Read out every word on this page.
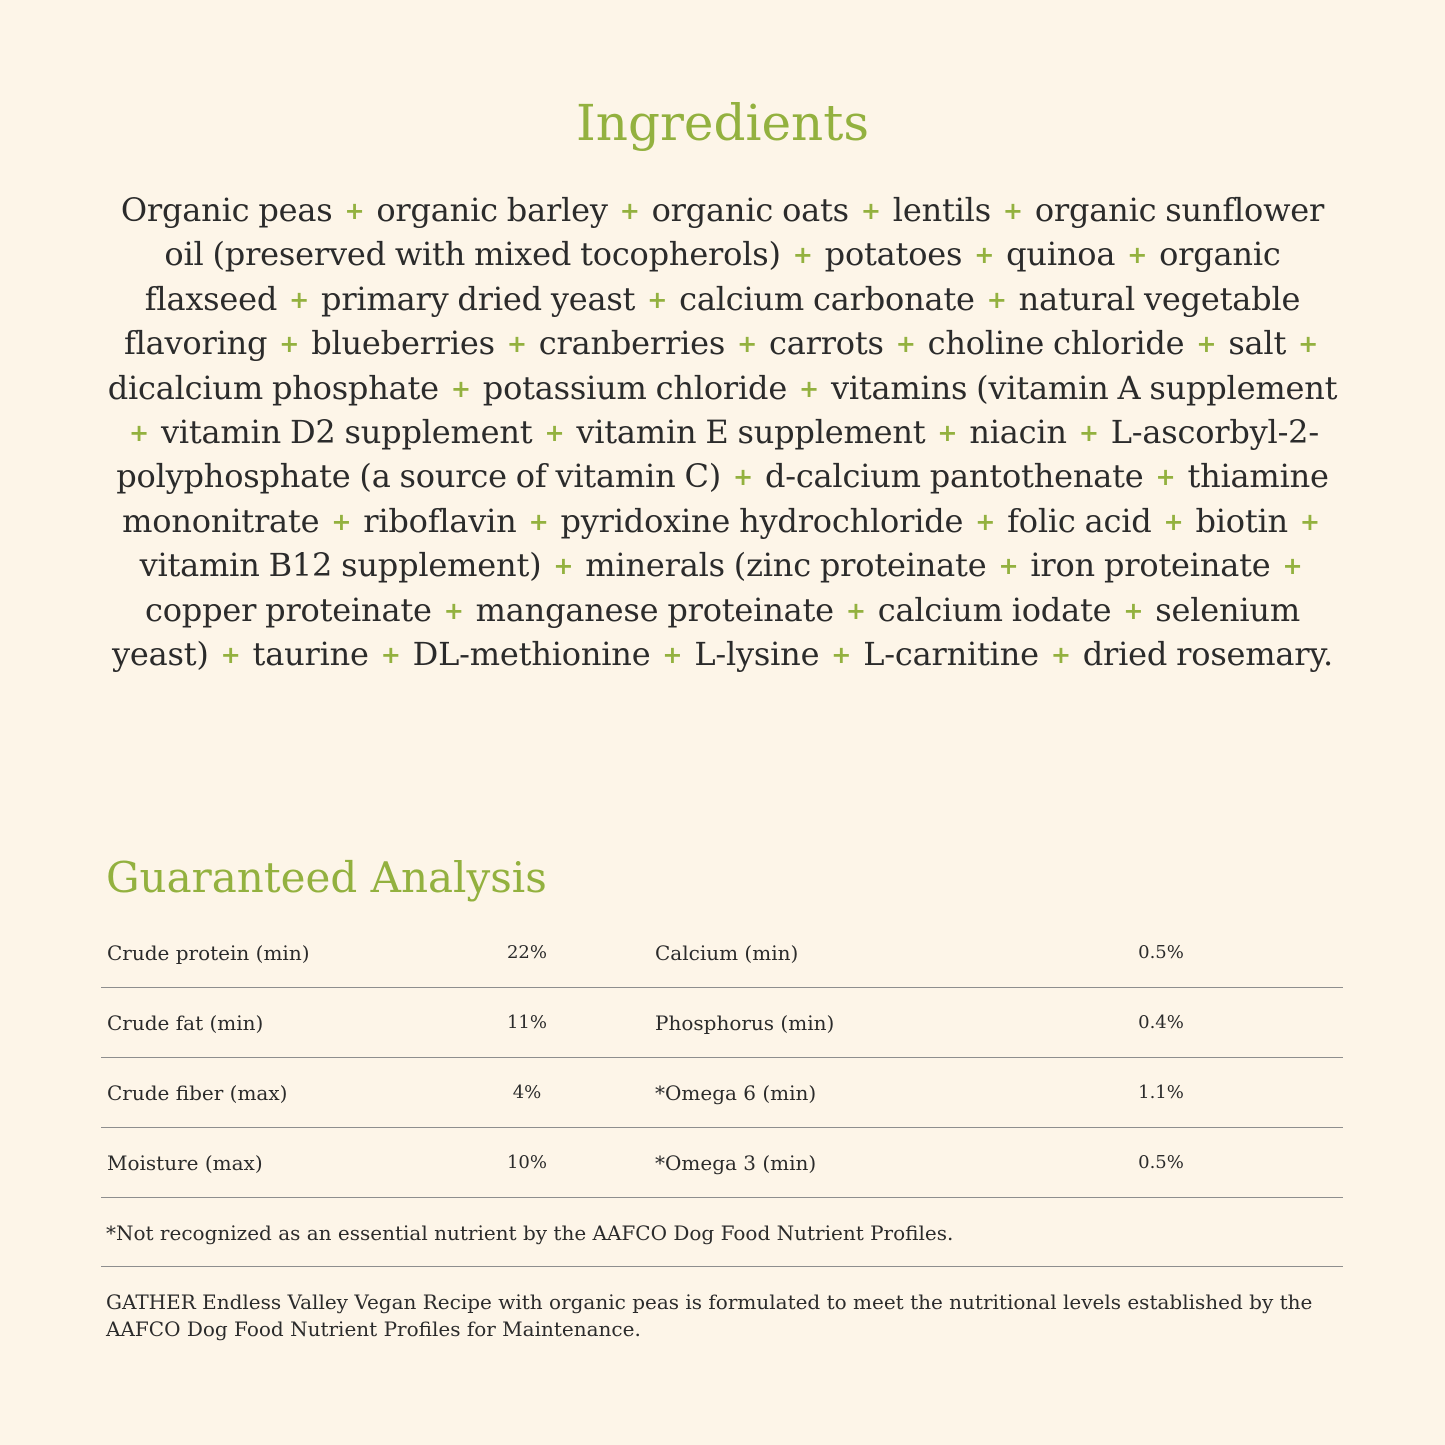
Ingredients

Organic peas + organic barley + organic oats + lentils + organic sunflower oil (preserved with mixed tocopherols) + potatoes + quinoa + organic flaxseed + primary dried yeast + calcium carbonate + natural vegetable flavoring + blueberries + cranberries + carrots + choline chloride + salt + dicalcium phosphate + potassium chloride + vitamins (vitamin A supplement + vitamin D2 supplement + vitamin E supplement + niacin + L-ascorbyl-2-polyphosphate (a source of vitamin C) + d-calcium pantothenate + thiamine mononitrate + riboflavin + pyridoxine hydrochloride + folic acid + biotin + vitamin B12 supplement) + minerals (zinc proteinate + iron proteinate + copper proteinate + manganese proteinate + calcium iodate + selenium yeast) + taurine + DL-methionine + L-lysine + L-carnitine + dried rosemary.

Guaranteed Analysis
Crude protein (min)	22%	Calcium (min)	0.5%
Crude fat (min)	11%	Phosphorus (min)	0.4%
Crude fiber (max)	4%	*Omega 6 (min)	1.1%
Moisture (max)	10%	*Omega 3 (min)	0.5%

*Not recognized as an essential nutrient by the AAFCO Dog Food Nutrient Profiles.

GATHER Endless Valley Vegan Recipe with organic peas is formulated to meet the nutritional levels established by the AAFCO Dog Food Nutrient Profiles for Maintenance.
